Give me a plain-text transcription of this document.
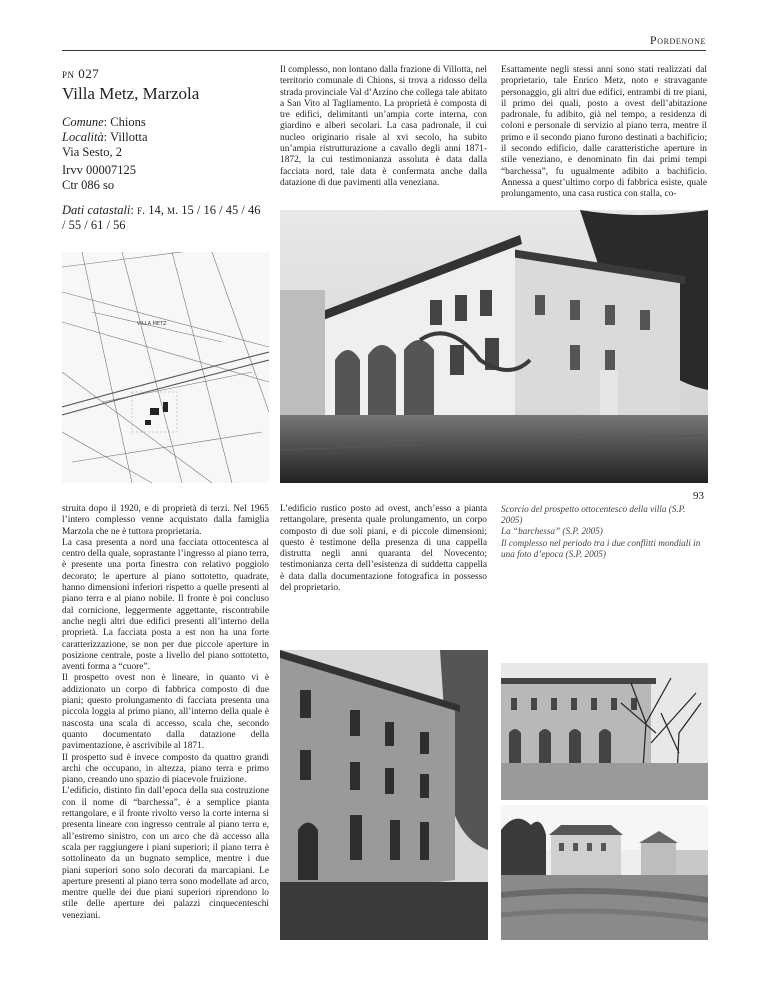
Pordenone
pn 027
Villa Metz, Marzola
Comune: Chions
Località: Villotta
Via Sesto, 2
Irvv 00007125
Ctr 086 so
Dati catastali: f. 14, m. 15 / 16 / 45 / 46 / 55 / 61 / 56
Il complesso, non lontano dalla frazione di Villotta, nel territorio comunale di Chions, si trova a ridosso della strada provinciale Val d’Arzino che collega tale abitato a San Vito al Tagliamento. La proprietà è composta di tre edifici, delimitanti un’ampia corte interna, con giardino e alberi secolari. La casa padronale, il cui nucleo originario risale al xvi secolo, ha subito un’ampia ristrutturazione a cavallo degli anni 1871-1872, la cui testimonianza assoluta è data dalla facciata nord, tale data è confermata anche dalla datazione di due pavimenti alla veneziana.
Esattamente negli stessi anni sono stati realizzati dal proprietario, tale Enrico Metz, noto e stravagante personaggio, gli altri due edifici, entrambi di tre piani, il primo dei quali, posto a ovest dell’abitazione padronale, fu adibito, già nel tempo, a residenza di coloni e personale di servizio al piano terra, mentre il primo e il secondo piano furono destinati a bachificio; il secondo edificio, dalle caratteristiche aperture in stile veneziano, e denominato fin dai primi tempi “barchessa”, fu ugualmente adibito a bachificio. Annessa a quest’ultimo corpo di fabbrica esiste, quale prolungamento, una casa rustica con stalla, co-
VILLA METZ
93

struita dopo il 1920, e di proprietà di terzi. Nel 1965 l’intero complesso venne acquistato dalla famiglia Marzola che ne è tuttora proprietaria.

La casa presenta a nord una facciata ottocentesca al centro della quale, soprastante l’ingresso al piano terra, è presente una porta finestra con relativo poggiolo decorato; le aperture al piano sottotetto, quadrate, hanno dimensioni inferiori rispetto a quelle presenti al piano terra e al piano nobile. Il fronte è poi concluso dal cornicione, leggermente aggettante, riscontrabile anche negli altri due edifici presenti all’interno della proprietà. La facciata posta a est non ha una forte caratterizzazione, se non per due piccole aperture in posizione centrale, poste a livello del piano sottotetto, aventi forma a “cuore”.

Il prospetto ovest non è lineare, in quanto vi è addizionato un corpo di fabbrica composto di due piani; questo prolungamento di facciata presenta una piccola loggia al primo piano, all’interno della quale è nascosta una scala di accesso, scala che, secondo quanto documentato dalla datazione della pavimentazione, è ascrivibile al 1871.

Il prospetto sud è invece composto da quattro grandi archi che occupano, in altezza, piano terra e primo piano, creando uno spazio di piacevole fruizione.

L’edificio, distinto fin dall’epoca della sua costruzione con il nome di “barchessa”, è a semplice pianta rettangolare, e il fronte rivolto verso la corte interna si presenta lineare con ingresso centrale al piano terra e, all’estremo sinistro, con un arco che dà accesso alla scala per raggiungere i piani superiori; il piano terra è sottolineato da un bugnato semplice, mentre i due piani superiori sono solo decorati da marcapiani. Le aperture presenti al piano terra sono modellate ad arco, mentre quelle dei due piani superiori riprendono lo stile delle aperture dei palazzi cinquecenteschi veneziani.

L’edificio rustico posto ad ovest, anch’esso a pianta rettangolare, presenta quale prolungamento, un corpo composto di due soli piani, e di piccole dimensioni; questo è testimone della presenza di una cappella distrutta negli anni quaranta del Novecento; testimonianza certa dell’esistenza di suddetta cappella è data dalla documentazione fotografica in possesso del proprietario.
Scorcio del prospetto ottocentesco della villa (S.P. 2005)
La “barchessa” (S.P. 2005)
Il complesso nel periodo tra i due conflitti mondiali in una foto d’epoca (S.P. 2005)
